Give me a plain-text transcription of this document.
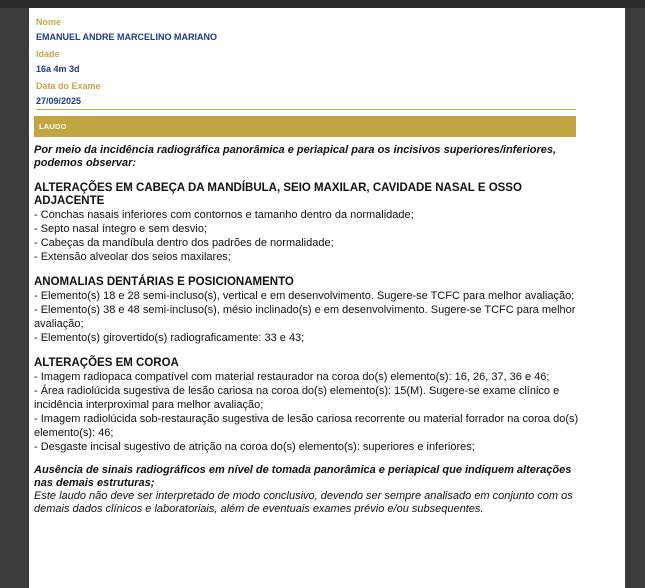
Nome
EMANUEL ANDRE MARCELINO MARIANO
Idade
16a 4m 3d
Data do Exame
27/09/2025
LAUDO

Por meio da incidência radiográfica panorâmica e periapical para os incisivos superiores/inferiores, podemos observar:

ALTERAÇÕES EM CABEÇA DA MANDÍBULA, SEIO MAXILAR, CAVIDADE NASAL E OSSO ADJACENTE

- Conchas nasais inferiores com contornos e tamanho dentro da normalidade;

- Septo nasal íntegro e sem desvio;

- Cabeças da mandíbula dentro dos padrões de normalidade;

- Extensão alveolar dos seios maxilares;

ANOMALIAS DENTÁRIAS E POSICIONAMENTO

- Elemento(s) 18 e 28 semi-incluso(s), vertical e em desenvolvimento. Sugere-se TCFC para melhor avaliação;

- Elemento(s) 38 e 48 semi-incluso(s), mésio inclinado(s) e em desenvolvimento. Sugere-se TCFC para melhor avaliação;

- Elemento(s) girovertido(s) radiograficamente: 33 e 43;

ALTERAÇÕES EM COROA

- Imagem radiopaca compatível com material restaurador na coroa do(s) elemento(s): 16, 26, 37, 36 e 46;

- Área radiolúcida sugestiva de lesão cariosa na coroa do(s) elemento(s): 15(M). Sugere-se exame clínico e incidência interproximal para melhor avaliação;

- Imagem radiolúcida sob-restauração sugestiva de lesão cariosa recorrente ou material forrador na coroa do(s) elemento(s): 46;

- Desgaste incisal sugestivo de atrição na coroa do(s) elemento(s): superiores e inferiores;

Ausência de sinais radiográficos em nível de tomada panorâmica e periapical que indiquem alterações nas demais estruturas;

Este laudo não deve ser interpretado de modo conclusivo, devendo ser sempre analisado em conjunto com os demais dados clínicos e laboratoriais, além de eventuais exames prévio e/ou subsequentes.
